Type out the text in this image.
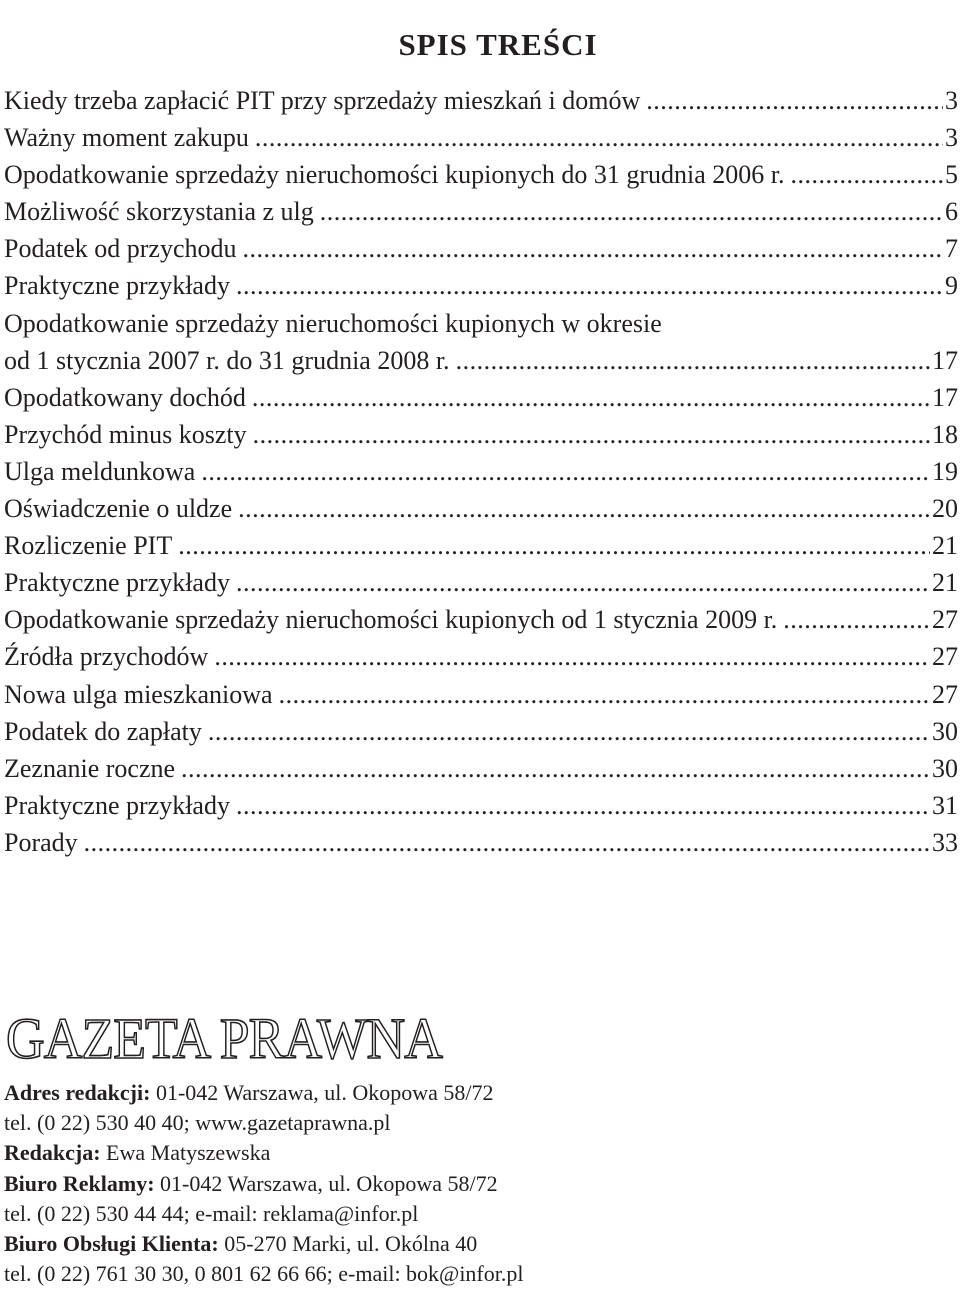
SPIS TREŚCI
Kiedy trzeba zapłacić PIT przy sprzedaży mieszkań i domów .....	3
Ważny moment zakupu .....	3
Opodatkowanie sprzedaży nieruchomości kupionych do 31 grudnia 2006 r. .....	5
Możliwość skorzystania z ulg .....	6
Podatek od przychodu .....	7
Praktyczne przykłady .....	9
Opodatkowanie sprzedaży nieruchomości kupionych w okresie
od 1 stycznia 2007 r. do 31 grudnia 2008 r. .....	17
Opodatkowany dochód .....	17
Przychód minus koszty .....	18
Ulga meldunkowa .....	19
Oświadczenie o uldze .....	20
Rozliczenie PIT .....	21
Praktyczne przykłady .....	21
Opodatkowanie sprzedaży nieruchomości kupionych od 1 stycznia 2009 r. .....	27
Źródła przychodów .....	27
Nowa ulga mieszkaniowa .....	27
Podatek do zapłaty .....	30
Zeznanie roczne .....	30
Praktyczne przykłady .....	31
Porady .....	33
GAZETA PRAWNA
Adres redakcji: 01-042 Warszawa, ul. Okopowa 58/72
tel. (0 22) 530 40 40; www.gazetaprawna.pl
Redakcja: Ewa Matyszewska
Biuro Reklamy: 01-042 Warszawa, ul. Okopowa 58/72
tel. (0 22) 530 44 44; e-mail: reklama@infor.pl
Biuro Obsługi Klienta: 05-270 Marki, ul. Okólna 40
tel. (0 22) 761 30 30, 0 801 62 66 66; e-mail: bok@infor.pl
